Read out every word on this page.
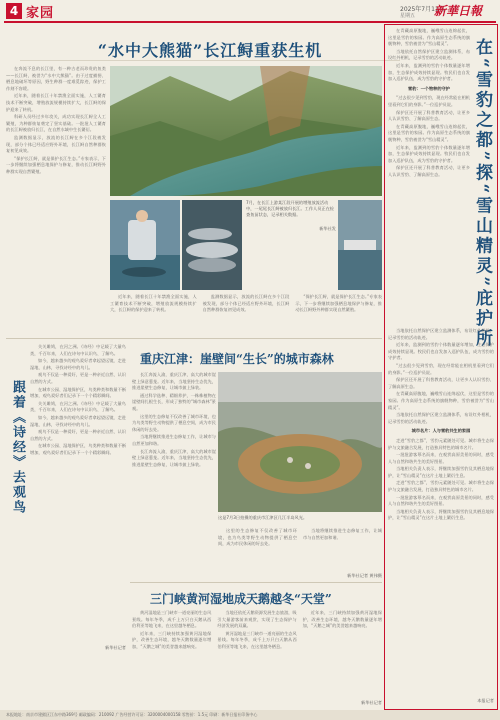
4 家园	2025年7月11日
星期五 新華日報
“水中大熊猫”长江鲟重获生机

在奔流不息的长江里，有一种古老而珍贵的鱼类——长江鲟，被誉为“水中大熊猫”。由于过度捕捞、栖息地破坏等原因，野生种群一度难觅踪迹，保护工作刻不容缓。

近年来，随着长江十年禁渔全面实施，人工繁育技术不断突破，增殖放流规模持续扩大，长江鲟的保护迎来了转机。

科研人员经过多年攻关，成功实现长江鲟全人工繁殖，为种群恢复奠定了坚实基础。一批批人工繁育的长江鲟被放归长江，在自然水域中生长繁衍。

监测数据显示，放流的长江鲟在多个江段被发现，部分个体已经适应野外环境，长江鲟自然种群恢复初见成效。

“保护长江鲟，就是保护长江生态。”专家表示，下一步将继续加强栖息地保护与修复，推动长江鲟野外种群实现自然繁殖。

7月，在长江上游某江段开展的增殖放流活动中，一尾尾长江鲟被放归长江。工作人员正在检查鱼苗状态，记录相关数据。
新华社发

近年来，随着长江十年禁渔全面实施，人工繁育技术不断突破，增殖放流规模持续扩大，长江鲟的保护迎来了转机。

监测数据显示，放流的长江鲟在多个江段被发现，部分个体已经适应野外环境，长江鲟自然种群恢复初见成效。

“保护长江鲟，就是保护长江生态。”专家表示，下一步将继续加强栖息地保护与修复，推动长江鲟野外种群实现自然繁殖。

跟着《诗经》去观鸟

关关雎鸠，在河之洲。《诗经》中记载了大量鸟类，千百年来，人们在诗句中认识鸟、了解鸟。

如今，越来越多的观鸟爱好者拿起望远镜，走进湿地、山林，寻找诗经中的鸟儿。

观鸟不仅是一种爱好，更是一种亲近自然、认识自然的方式。

在城市公园、湿地保护区，鸟类种类和数量不断增加，观鸟爱好者们记录下一个个精彩瞬间。

关关雎鸠，在河之洲。《诗经》中记载了大量鸟类，千百年来，人们在诗句中认识鸟、了解鸟。

如今，越来越多的观鸟爱好者拿起望远镜，走进湿地、山林，寻找诗经中的鸟儿。

观鸟不仅是一种爱好，更是一种亲近自然、认识自然的方式。

在城市公园、湿地保护区，鸟类种类和数量不断增加，观鸟爱好者们记录下一个个精彩瞬间。

新华社记者
重庆江津：崖壁间“生长”的城市森林

长江奔流入渝，重庆江津，高大的城市崖壁上绿意葱茏。近年来，当地坚持生态优先，推进崖壁生态修复，让城市披上绿装。

通过科学选种、精细养护，一株株植物在崖壁间扎根生长，形成了独特的“城市森林”景观。

这里的生态修复不仅改善了城市环境，也为鸟类等野生动物提供了栖息空间，成为市民休闲的好去处。

当地将继续推进生态修复工作，让城市与自然更加和谐。

长江奔流入渝，重庆江津，高大的城市崖壁上绿意葱茏。近年来，当地坚持生态优先，推进崖壁生态修复，让城市披上绿装。

这是7月3日拍摄的重庆市江津区几江半岛风光。

这里的生态修复不仅改善了城市环境，也为鸟类等野生动物提供了栖息空间，成为市民休闲的好去处。

当地将继续推进生态修复工作，让城市与自然更加和谐。

新华社记者 黄伟摄
三门峡黄河湿地成天鹅越冬“天堂”

黄河湿地是三门峡市一道亮丽的生态风景线。每年冬季，成千上万只白天鹅从西伯利亚等地飞来，在这里越冬栖息。

近年来，三门峡持续加强黄河湿地保护，改善生态环境，越冬天鹅数量逐年增加，“天鹅之城”的美誉越来越响亮。

当地还依托天鹅资源发展生态旅游，吸引大量游客前来观赏，实现了生态保护与经济发展的双赢。

黄河湿地是三门峡市一道亮丽的生态风景线。每年冬季，成千上万只白天鹅从西伯利亚等地飞来，在这里越冬栖息。

近年来，三门峡持续加强黄河湿地保护，改善生态环境，越冬天鹅数量逐年增加，“天鹅之城”的美誉越来越响亮。

新华社记者
在“雪豹之都”探“雪山精灵”庇护所

在青藏高原腹地，巍峨雪山连绵起伏，这里是雪豹的家园。作为高原生态系统的旗舰物种，雪豹被誉为“雪山精灵”。

当地依托自然保护区建立监测体系，布设红外相机，记录雪豹的活动轨迹。

近年来，监测到的雪豹个体数量逐年增加，生态保护成效持续显现。牧民们也自发加入巡护队伍，成为雪豹的守护者。

雪豹：一个物种的守护

“过去很少见到雪豹，现在经常能在相机里看到它们的身影。”一位巡护员说。

保护区还开展了科普教育活动，让更多人认识雪豹、了解高原生态。

在青藏高原腹地，巍峨雪山连绵起伏，这里是雪豹的家园。作为高原生态系统的旗舰物种，雪豹被誉为“雪山精灵”。

近年来，监测到的雪豹个体数量逐年增加，生态保护成效持续显现。牧民们也自发加入巡护队伍，成为雪豹的守护者。

保护区还开展了科普教育活动，让更多人认识雪豹、了解高原生态。

当地依托自然保护区建立监测体系，布设红外相机，记录雪豹的活动轨迹。

近年来，监测到的雪豹个体数量逐年增加，生态保护成效持续显现。牧民们也自发加入巡护队伍，成为雪豹的守护者。

“过去很少见到雪豹，现在经常能在相机里看到它们的身影。”一位巡护员说。

保护区还开展了科普教育活动，让更多人认识雪豹、了解高原生态。

在青藏高原腹地，巍峨雪山连绵起伏，这里是雪豹的家园。作为高原生态系统的旗舰物种，雪豹被誉为“雪山精灵”。

当地依托自然保护区建立监测体系，布设红外相机，记录雪豹的活动轨迹。

城市名片：人与雪豹共生的家园

走进“雪豹之都”，雪豹元素随处可见。城市将生态保护与文旅融合发展，打造独具特色的城市名片。

一批批游客慕名而来，在观赏高原美景的同时，感受人与自然和谐共生的美好图景。

当地相关负责人表示，将继续加强雪豹及其栖息地保护，让“雪山精灵”在这片土地上繁衍生息。

走进“雪豹之都”，雪豹元素随处可见。城市将生态保护与文旅融合发展，打造独具特色的城市名片。

一批批游客慕名而来，在观赏高原美景的同时，感受人与自然和谐共生的美好图景。

当地相关负责人表示，将继续加强雪豹及其栖息地保护，让“雪山精灵”在这片土地上繁衍生息。

本报记者
本报地址：南京市建邺区江东中路369号 邮政编码：210092 广告经营许可证：3200004000158 零售价：1.5元 印刷：新华日报社印务中心
